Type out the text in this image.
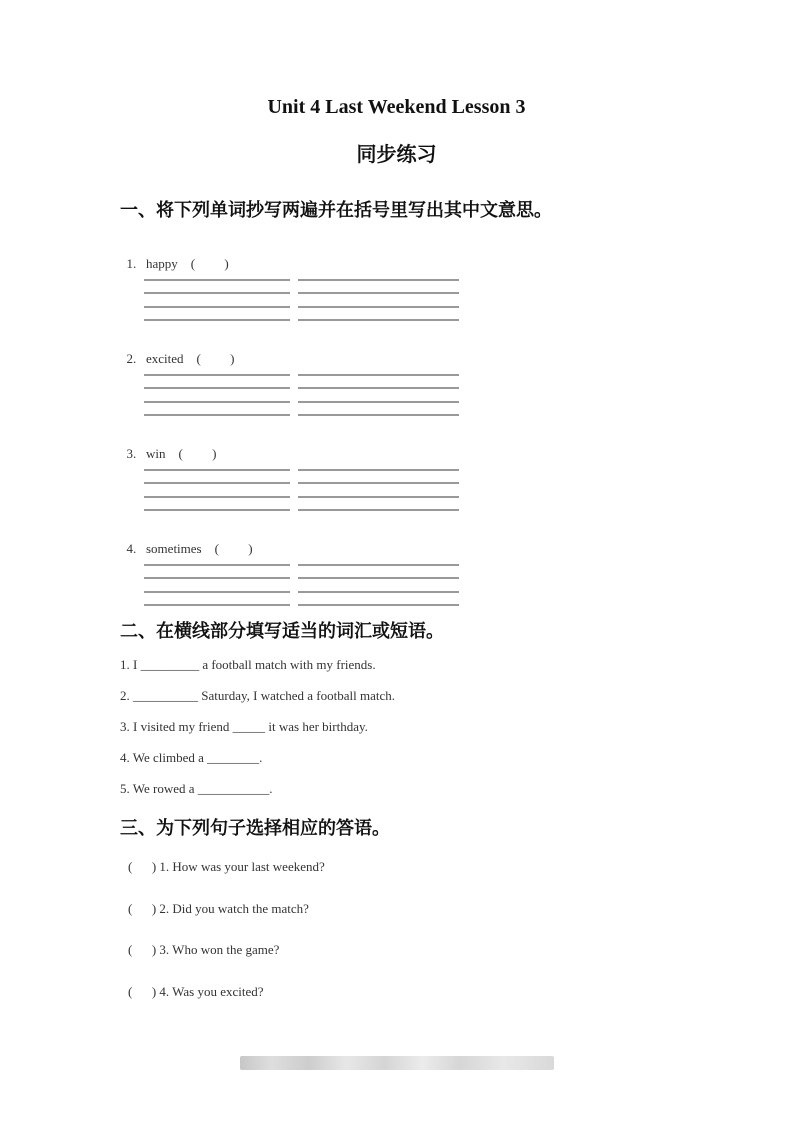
Unit 4 Last Weekend Lesson 3
同步练习
一、将下列单词抄写两遍并在括号里写出其中文意思。

1. happy (         )

2. excited (         )

3. win (         )

4. sometimes (         )

二、在横线部分填写适当的词汇或短语。
1. I _________ a football match with my friends.
2. __________ Saturday, I watched a football match.
3. I visited my friend _____ it was her birthday.
4. We climbed a ________.
5. We rowed a ___________.
三、为下列句子选择相应的答语。
(      ) 1. How was your last weekend?
(      ) 2. Did you watch the match?
(      ) 3. Who won the game?
(      ) 4. Was you excited?
